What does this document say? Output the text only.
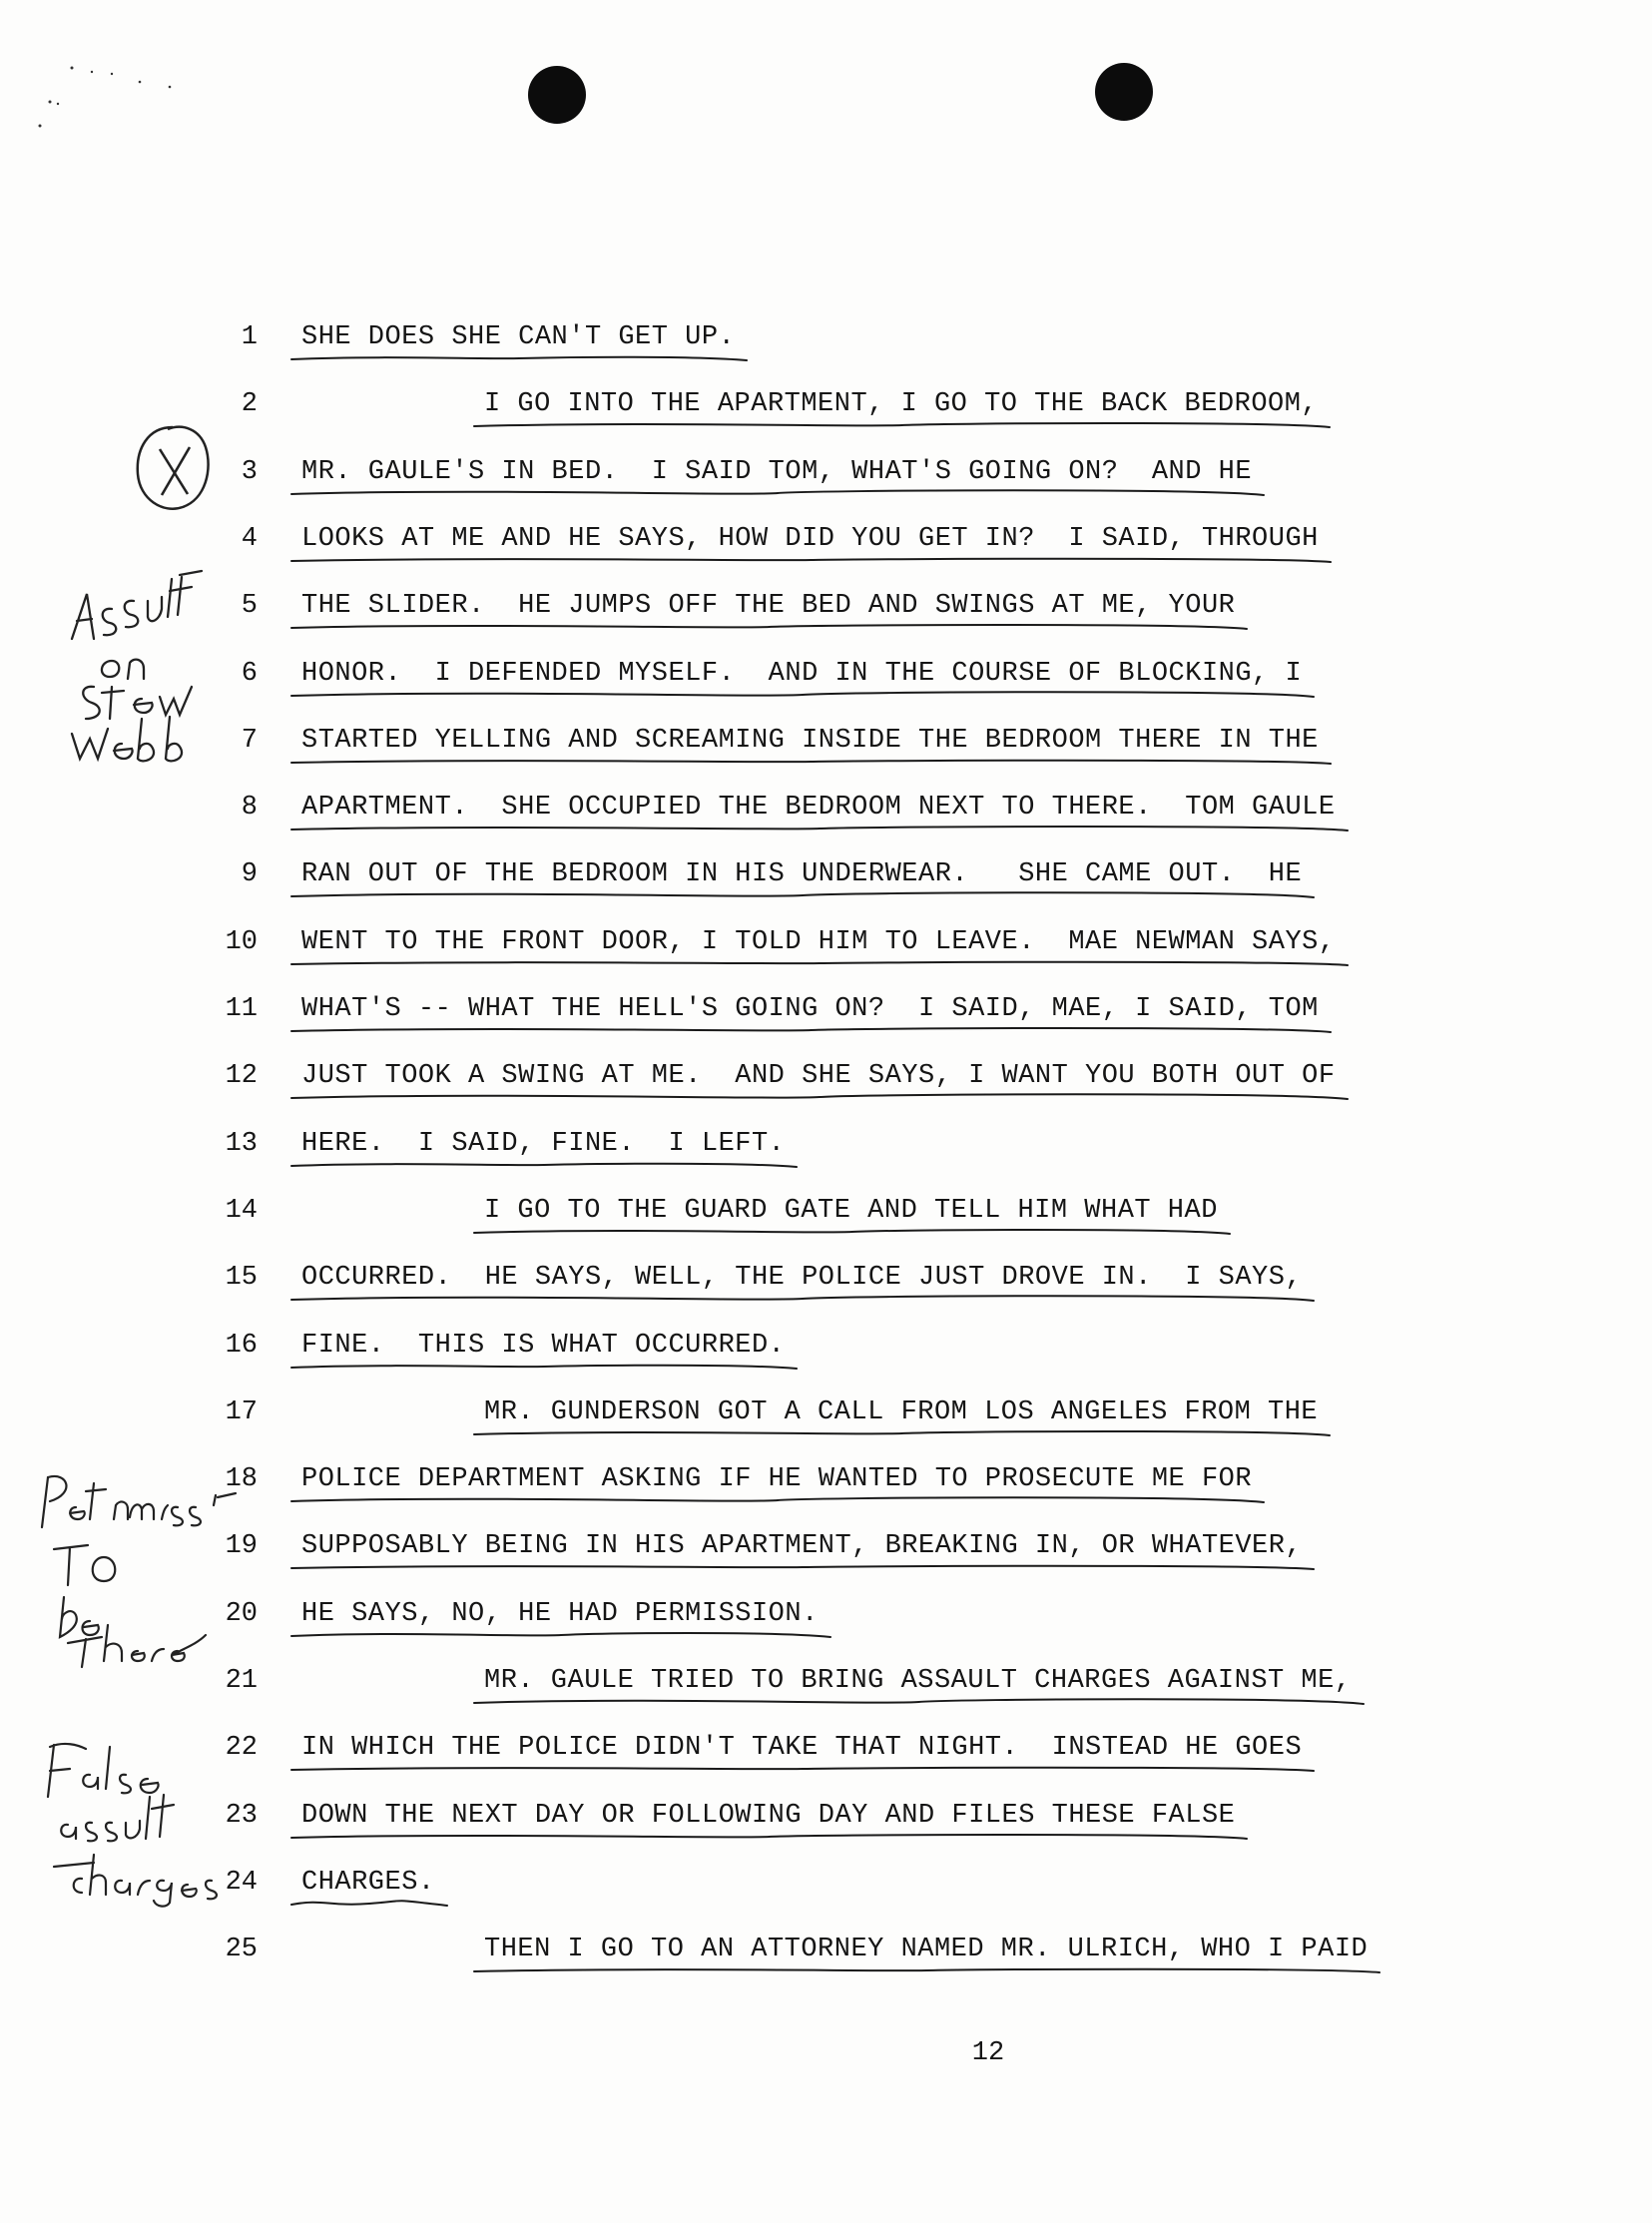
1 SHE DOES SHE CAN'T GET UP.
2	I GO INTO THE APARTMENT, I GO TO THE BACK BEDROOM,
3 MR. GAULE'S IN BED.  I SAID TOM, WHAT'S GOING ON?  AND HE
4 LOOKS AT ME AND HE SAYS, HOW DID YOU GET IN?  I SAID, THROUGH
5 THE SLIDER.  HE JUMPS OFF THE BED AND SWINGS AT ME, YOUR
6 HONOR.  I DEFENDED MYSELF.  AND IN THE COURSE OF BLOCKING, I
7 STARTED YELLING AND SCREAMING INSIDE THE BEDROOM THERE IN THE
8 APARTMENT.  SHE OCCUPIED THE BEDROOM NEXT TO THERE.  TOM GAULE
9 RAN OUT OF THE BEDROOM IN HIS UNDERWEAR.   SHE CAME OUT.  HE
10 WENT TO THE FRONT DOOR, I TOLD HIM TO LEAVE.  MAE NEWMAN SAYS,
11 WHAT'S -- WHAT THE HELL'S GOING ON?  I SAID, MAE, I SAID, TOM
12 JUST TOOK A SWING AT ME.  AND SHE SAYS, I WANT YOU BOTH OUT OF
13 HERE.  I SAID, FINE.  I LEFT.
14	I GO TO THE GUARD GATE AND TELL HIM WHAT HAD
15 OCCURRED.  HE SAYS, WELL, THE POLICE JUST DROVE IN.  I SAYS,
16 FINE.  THIS IS WHAT OCCURRED.
17	MR. GUNDERSON GOT A CALL FROM LOS ANGELES FROM THE
18 POLICE DEPARTMENT ASKING IF HE WANTED TO PROSECUTE ME FOR
19 SUPPOSABLY BEING IN HIS APARTMENT, BREAKING IN, OR WHATEVER,
20 HE SAYS, NO, HE HAD PERMISSION.
21	MR. GAULE TRIED TO BRING ASSAULT CHARGES AGAINST ME,
22 IN WHICH THE POLICE DIDN'T TAKE THAT NIGHT.  INSTEAD HE GOES
23 DOWN THE NEXT DAY OR FOLLOWING DAY AND FILES THESE FALSE
24 CHARGES.
25	THEN I GO TO AN ATTORNEY NAMED MR. ULRICH, WHO I PAID
12
